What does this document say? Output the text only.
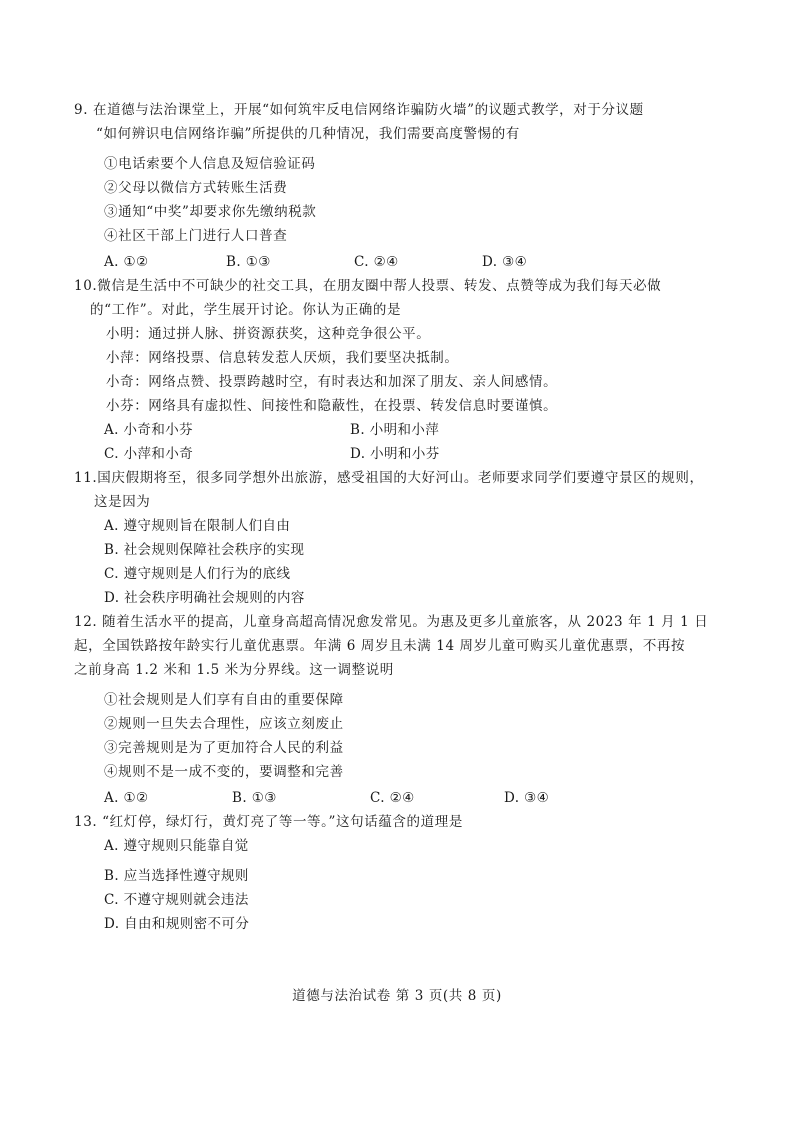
9. 在道德与法治课堂上，开展“如何筑牢反电信网络诈骗防火墙”的议题式教学，对于分议题
“如何辨识电信网络诈骗”所提供的几种情况，我们需要高度警惕的有
①电话索要个人信息及短信验证码
②父母以微信方式转账生活费
③通知“中奖”却要求你先缴纳税款
④社区干部上门进行人口普查
A. ①②	B. ①③	C. ②④	D. ③④
10.微信是生活中不可缺少的社交工具，在朋友圈中帮人投票、转发、点赞等成为我们每天必做
的“工作”。对此，学生展开讨论。你认为正确的是
小明：通过拼人脉、拼资源获奖，这种竞争很公平。
小萍：网络投票、信息转发惹人厌烦，我们要坚决抵制。
小奇：网络点赞、投票跨越时空，有时表达和加深了朋友、亲人间感情。
小芬：网络具有虚拟性、间接性和隐蔽性，在投票、转发信息时要谨慎。
A. 小奇和小芬	B. 小明和小萍
C. 小萍和小奇	D. 小明和小芬
11.国庆假期将至，很多同学想外出旅游，感受祖国的大好河山。老师要求同学们要遵守景区的规则，
这是因为
A. 遵守规则旨在限制人们自由
B. 社会规则保障社会秩序的实现
C. 遵守规则是人们行为的底线
D. 社会秩序明确社会规则的内容
12. 随着生活水平的提高，儿童身高超高情况愈发常见。为惠及更多儿童旅客，从 2023 年 1 月 1 日
起，全国铁路按年龄实行儿童优惠票。年满 6 周岁且未满 14 周岁儿童可购买儿童优惠票，不再按
之前身高 1.2 米和 1.5 米为分界线。这一调整说明
①社会规则是人们享有自由的重要保障
②规则一旦失去合理性，应该立刻废止
③完善规则是为了更加符合人民的利益
④规则不是一成不变的，要调整和完善
A. ①②	B. ①③	C. ②④	D. ③④
13. “红灯停，绿灯行，黄灯亮了等一等。”这句话蕴含的道理是
A. 遵守规则只能靠自觉
B. 应当选择性遵守规则
C. 不遵守规则就会违法
D. 自由和规则密不可分
道德与法治试卷 第 3 页(共 8 页)
